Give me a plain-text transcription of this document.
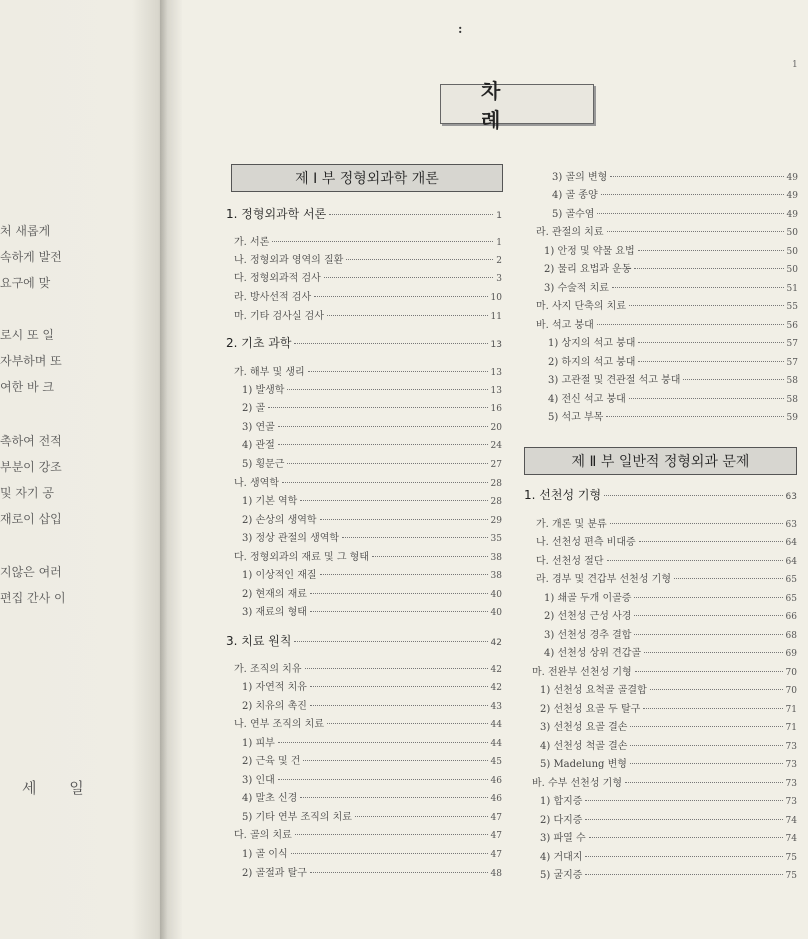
처 새롭게
속하게 발전
요구에 맞
로시 또 일
자부하며 또
여한 바 크
촉하여 전적
부분이 강조
및 자기 공
재로이 삽입
지않은 여러
편집 간사 이
세 일
:
1
차 례
제 Ⅰ 부 정형외과학 개론
제 Ⅱ 부 일반적 정형외과 문제
1. 정형외과학 서론	1
가. 서론	1
나. 정형외과 영역의 질환	2
다. 정형외과적 검사	3
라. 방사선적 검사	10
마. 기타 검사실 검사	11
2. 기초 과학	13
가. 해부 및 생리	13
1) 발생학	13
2) 골	16
3) 연골	20
4) 관절	24
5) 횡문근	27
나. 생역학	28
1) 기본 역학	28
2) 손상의 생역학	29
3) 정상 관절의 생역학	35
다. 정형외과의 재료 및 그 형태	38
1) 이상적인 재질	38
2) 현재의 재료	40
3) 재료의 형태	40
3. 치료 원칙	42
가. 조직의 치유	42
1) 자연적 치유	42
2) 치유의 촉진	43
나. 연부 조직의 치료	44
1) 피부	44
2) 근육 및 건	45
3) 인대	46
4) 말초 신경	46
5) 기타 연부 조직의 치료	47
다. 골의 치료	47
1) 골 이식	47
2) 골절과 탈구	48
3) 골의 변형	49
4) 골 종양	49
5) 골수염	49
라. 관절의 치료	50
1) 안정 및 약물 요법	50
2) 물리 요법과 운동	50
3) 수술적 치료	51
마. 사지 단축의 치료	55
바. 석고 붕대	56
1) 상지의 석고 붕대	57
2) 하지의 석고 붕대	57
3) 고관절 및 견관절 석고 붕대	58
4) 전신 석고 붕대	58
5) 석고 부목	59
1. 선천성 기형	63
가. 개론 및 분류	63
나. 선천성 편측 비대증	64
다. 선천성 절단	64
라. 경부 및 견갑부 선천성 기형	65
1) 쇄골 두개 이골증	65
2) 선천성 근성 사경	66
3) 선천성 경추 결합	68
4) 선천성 상위 견갑골	69
마. 전완부 선천성 기형	70
1) 선천성 요척골 골결합	70
2) 선천성 요골 두 탈구	71
3) 선천성 요골 결손	71
4) 선천성 척골 결손	73
5) Madelung 변형	73
바. 수부 선천성 기형	73
1) 합지증	73
2) 다지증	74
3) 파열 수	74
4) 거대지	75
5) 굴지증	75
